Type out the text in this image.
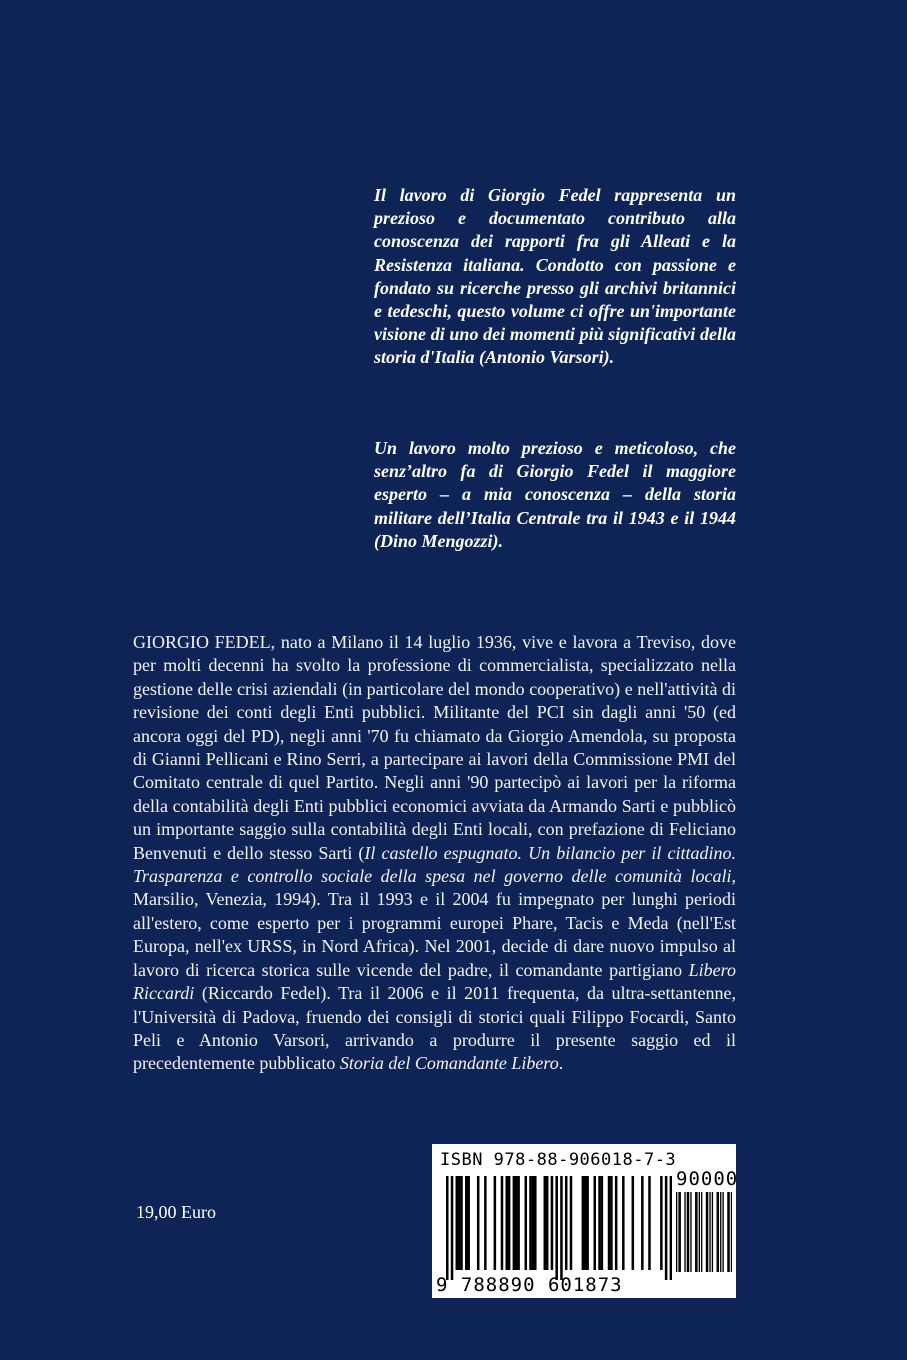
Il lavoro di Giorgio Fedel rappresenta un prezioso e documentato contributo alla conoscenza dei rapporti fra gli Alleati e la Resistenza italiana. Condotto con passione e fondato su ricerche presso gli archivi britannici e tedeschi, questo volume ci offre un'importante visione di uno dei momenti più significativi della storia d'Italia (Antonio Varsori).

Un lavoro molto prezioso e meticoloso, che senz’altro fa di Giorgio Fedel il maggiore esperto – a mia conoscenza – della storia militare dell’Italia Centrale tra il 1943 e il 1944 (Dino Mengozzi).

GIORGIO FEDEL, nato a Milano il 14 luglio 1936, vive e lavora a Treviso, dove per molti decenni ha svolto la professione di commercialista, specializzato nella gestione delle crisi aziendali (in particolare del mondo cooperativo) e nell'attività di revisione dei conti degli Enti pubblici. Militante del PCI sin dagli anni '50 (ed ancora oggi del PD), negli anni '70 fu chiamato da Giorgio Amendola, su proposta di Gianni Pellicani e Rino Serri, a partecipare ai lavori della Commissione PMI del Comitato centrale di quel Partito. Negli anni '90 partecipò ai lavori per la riforma della contabilità degli Enti pubblici economici avviata da Armando Sarti e pubblicò un importante saggio sulla contabilità degli Enti locali, con prefazione di Feliciano Benvenuti e dello stesso Sarti (Il castello espugnato. Un bilancio per il cittadino. Trasparenza e controllo sociale della spesa nel governo delle comunità locali, Marsilio, Venezia, 1994). Tra il 1993 e il 2004 fu impegnato per lunghi periodi all'estero, come esperto per i programmi europei Phare, Tacis e Meda (nell'Est Europa, nell'ex URSS, in Nord Africa). Nel 2001, decide di dare nuovo impulso al lavoro di ricerca storica sulle vicende del padre, il comandante partigiano Libero Riccardi (Riccardo Fedel). Tra il 2006 e il 2011 frequenta, da ultra-settantenne, l'Università di Padova, fruendo dei consigli di storici quali Filippo Focardi, Santo Peli e Antonio Varsori, arrivando a produrre il presente saggio ed il precedentemente pubblicato Storia del Comandante Libero.

19,00 Euro
ISBN 978-88-906018-7-3
90000
9 788890 601873
